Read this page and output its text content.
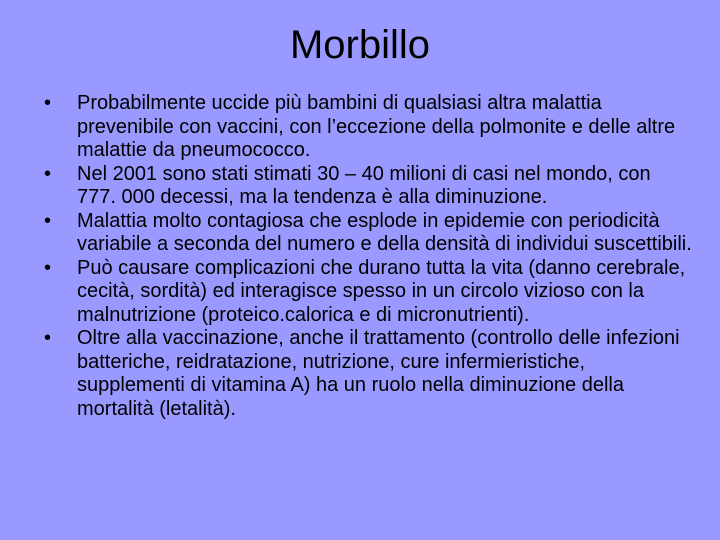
Morbillo
• Probabilmente uccide più bambini di qualsiasi altra malattia prevenibile con vaccini, con l’eccezione della polmonite e delle altre malattie da pneumococco.
• Nel 2001 sono stati stimati 30 – 40 milioni di casi nel mondo, con 777. 000 decessi, ma la tendenza è alla diminuzione.
• Malattia molto contagiosa che esplode in epidemie con periodicità variabile a seconda del numero e della densità di individui suscettibili.
• Può causare complicazioni che durano tutta la vita (danno cerebrale, cecità, sordità) ed interagisce spesso in un circolo vizioso con la malnutrizione (proteico.calorica e di micronutrienti).
• Oltre alla vaccinazione, anche il trattamento (controllo delle infezioni batteriche, reidratazione, nutrizione, cure infermieristiche, supplementi di vitamina A) ha un ruolo nella diminuzione della mortalità (letalità).
